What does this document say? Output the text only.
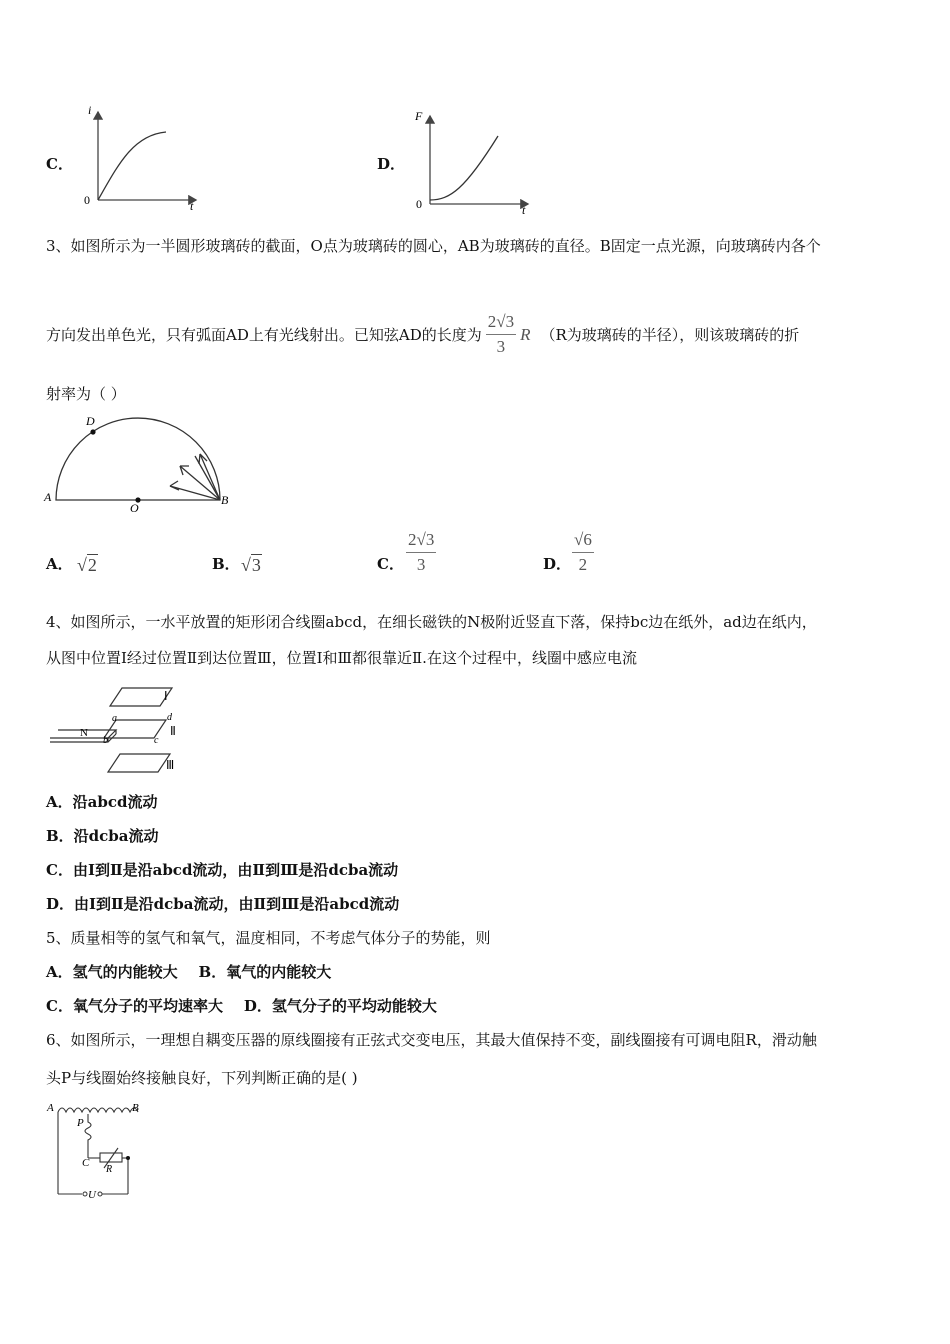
C．
i
t
0
D．
F
t
0
3、如图所示为一半圆形玻璃砖的截面，O点为玻璃砖的圆心，AB为玻璃砖的直径。B固定一点光源，向玻璃砖内各个
方向发出单色光，只有弧面AD上有光线射出。已知弦AD的长度为 $\frac{2√3}{3}$ R （R为玻璃砖的半径），则该玻璃砖的折
射率为（ ）
D
A
O
B
A． √2	B． √3	C． $\frac{2√3}{3}$	D． $\frac{√6}{2}$
4、如图所示，一水平放置的矩形闭合线圈abcd，在细长磁铁的N极附近竖直下落，保持bc边在纸外，ad边在纸内，
从图中位置Ⅰ经过位置Ⅱ到达位置Ⅲ，位置Ⅰ和Ⅲ都很靠近Ⅱ.在这个过程中，线圈中感应电流
N
a
b	c
d
Ⅰ
Ⅱ
Ⅲ
A．沿abcd流动
B．沿dcba流动
C．由Ⅰ到Ⅱ是沿abcd流动，由Ⅱ到Ⅲ是沿dcba流动
D．由Ⅰ到Ⅱ是沿dcba流动，由Ⅱ到Ⅲ是沿abcd流动
5、质量相等的氢气和氧气，温度相同，不考虑气体分子的势能，则
A．氢气的内能较大    B．氧气的内能较大
C．氧气分子的平均速率大    D．氢气分子的平均动能较大
6、如图所示，一理想自耦变压器的原线圈接有正弦式交变电压，其最大值保持不变，副线圈接有可调电阻R，滑动触
头P与线圈始终接触良好，下列判断正确的是( )
A	B
P
C
R
U
